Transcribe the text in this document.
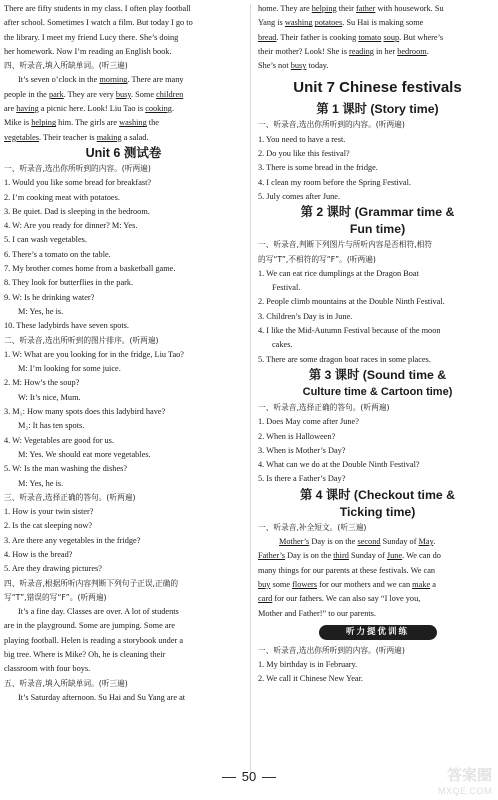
There are fifty students in my class. I often play football
after school. Sometimes I watch a film. But today I go to
the library. I meet my friend Lucy there. She’s doing
her homework. Now I’m reading an English book.
四、听录音,填入所缺单词。(听三遍)
It’s seven o’clock in the morning. There are many
people in the park. They are very busy. Some children
are having a picnic here. Look! Liu Tao is cooking.
Mike is helping him. The girls are washing the
vegetables. Their teacher is making a salad.
Unit 6 测试卷
一、听录音,选出你所听到的内容。(听两遍)
1. Would you like some bread for breakfast?
2. I’m cooking meat with potatoes.
3. Be quiet. Dad is sleeping in the bedroom.
4. W: Are you ready for dinner? M: Yes.
5. I can wash vegetables.
6. There’s a tomato on the table.
7. My brother comes home from a basketball game.
8. They look for butterflies in the park.
9. W: Is he drinking water?
M: Yes, he is.
10. These ladybirds have seven spots.
二、听录音,选出所听到的图片排序。(听两遍)
1. W: What are you looking for in the fridge, Liu Tao?
M: I’m looking for some juice.
2. M: How’s the soup?
W: It’s nice, Mum.
3. M₁: How many spots does this ladybird have?
M₂: It has ten spots.
4. W: Vegetables are good for us.
M: Yes. We should eat more vegetables.
5. W: Is the man washing the dishes?
M: Yes, he is.
三、听录音,选择正确的答句。(听两遍)
1. How is your twin sister?
2. Is the cat sleeping now?
3. Are there any vegetables in the fridge?
4. How is the bread?
5. Are they drawing pictures?
四、听录音,根据所听内容判断下列句子正误,正确的
写“T”,错误的写“F”。(听两遍)
It’s a fine day. Classes are over. A lot of students
are in the playground. Some are jumping. Some are
playing football. Helen is reading a storybook under a
big tree. Where is Mike? Oh, he is cleaning their
classroom with four boys.
五、听录音,填入所缺单词。(听三遍)
It’s Saturday afternoon. Su Hai and Su Yang are at
home. They are helping their father with housework. Su
Yang is washing potatoes. Su Hai is making some
bread. Their father is cooking tomato soup. But where’s
their mother? Look! She is reading in her bedroom.
She’s not busy today.
Unit 7 Chinese festivals
第 1 课时 (Story time)
一、听录音,选出你所听到的内容。(听两遍)
1. You need to have a rest.
2. Do you like this festival?
3. There is some bread in the fridge.
4. I clean my room before the Spring Festival.
5. July comes after June.
第 2 课时 (Grammar time &
Fun time)
一、听录音,判断下列图片与所听内容是否相符,相符
的写“T”,不相符的写“F”。(听两遍)
1. We can eat rice dumplings at the Dragon Boat
Festival.
2. People climb mountains at the Double Ninth Festival.
3. Children’s Day is in June.
4. I like the Mid-Autumn Festival because of the moon
cakes.
5. There are some dragon boat races in some places.
第 3 课时 (Sound time &
Culture time & Cartoon time)
一、听录音,选择正确的答句。(听两遍)
1. Does May come after June?
2. When is Halloween?
3. When is Mother’s Day?
4. What can we do at the Double Ninth Festival?
5. Is there a Father’s Day?
第 4 课时 (Checkout time &
Ticking time)
一、听录音,补全短文。(听三遍)
Mother’s Day is on the second Sunday of May.
Father’s Day is on the third Sunday of June. We can do
many things for our parents at these festivals. We can
buy some flowers for our mothers and we can make a
card for our fathers. We can also say “I love you,
Mother and Father!” to our parents.
听力提优训练
一、听录音,选出你所听到的内容。(听两遍)
1. My birthday is in February.
2. We call it Chinese New Year.
50	答案圈
MXQE.COM
